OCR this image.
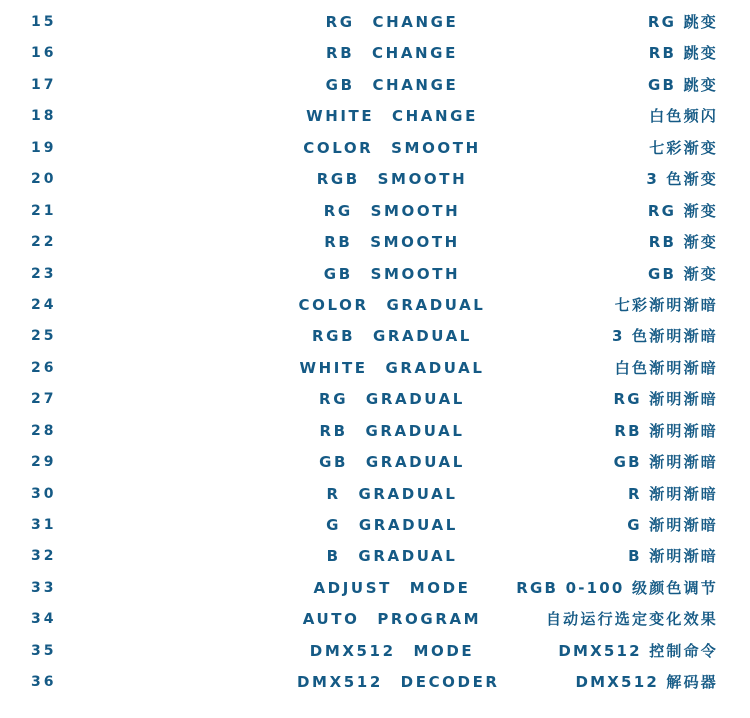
15	RG CHANGE	RG 跳变
16	RB CHANGE	RB 跳变
17	GB CHANGE	GB 跳变
18	WHITE CHANGE	白色频闪
19	COLOR SMOOTH	七彩渐变
20	RGB SMOOTH	3 色渐变
21	RG SMOOTH	RG 渐变
22	RB SMOOTH	RB 渐变
23	GB SMOOTH	GB 渐变
24	COLOR GRADUAL	七彩渐明渐暗
25	RGB GRADUAL	3 色渐明渐暗
26	WHITE GRADUAL	白色渐明渐暗
27	RG GRADUAL	RG 渐明渐暗
28	RB GRADUAL	RB 渐明渐暗
29	GB GRADUAL	GB 渐明渐暗
30	R GRADUAL	R 渐明渐暗
31	G GRADUAL	G 渐明渐暗
32	B GRADUAL	B 渐明渐暗
33	ADJUST MODE	RGB 0-100 级颜色调节
34	AUTO PROGRAM	自动运行选定变化效果
35	DMX512 MODE	DMX512 控制命令
36	DMX512 DECODER	DMX512 解码器
